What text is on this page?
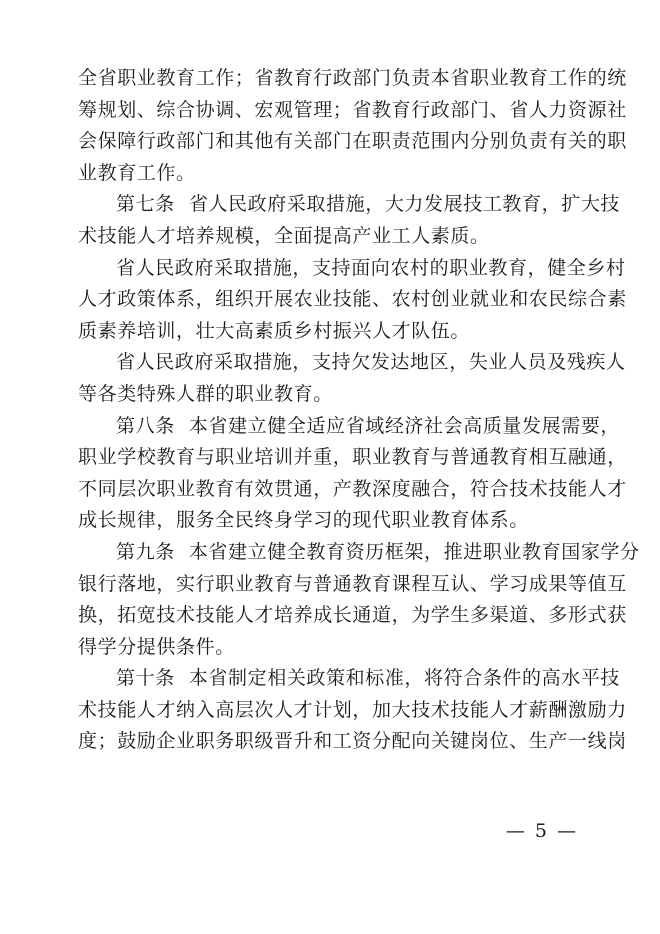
全省职业教育工作；省教育行政部门负责本省职业教育工作的统
筹规划、综合协调、宏观管理；省教育行政部门、省人力资源社
会保障行政部门和其他有关部门在职责范围内分别负责有关的职
业教育工作。

第七条 省人民政府采取措施，大力发展技工教育，扩大技
术技能人才培养规模，全面提高产业工人素质。

省人民政府采取措施，支持面向农村的职业教育，健全乡村
人才政策体系，组织开展农业技能、农村创业就业和农民综合素
质素养培训，壮大高素质乡村振兴人才队伍。

省人民政府采取措施，支持欠发达地区，失业人员及残疾人
等各类特殊人群的职业教育。

第八条 本省建立健全适应省域经济社会高质量发展需要，
职业学校教育与职业培训并重，职业教育与普通教育相互融通，
不同层次职业教育有效贯通，产教深度融合，符合技术技能人才
成长规律，服务全民终身学习的现代职业教育体系。

第九条 本省建立健全教育资历框架，推进职业教育国家学分
银行落地，实行职业教育与普通教育课程互认、学习成果等值互
换，拓宽技术技能人才培养成长通道，为学生多渠道、多形式获
得学分提供条件。

第十条 本省制定相关政策和标准，将符合条件的高水平技
术技能人才纳入高层次人才计划，加大技术技能人才薪酬激励力
度；鼓励企业职务职级晋升和工资分配向关键岗位、生产一线岗

— 5 —
